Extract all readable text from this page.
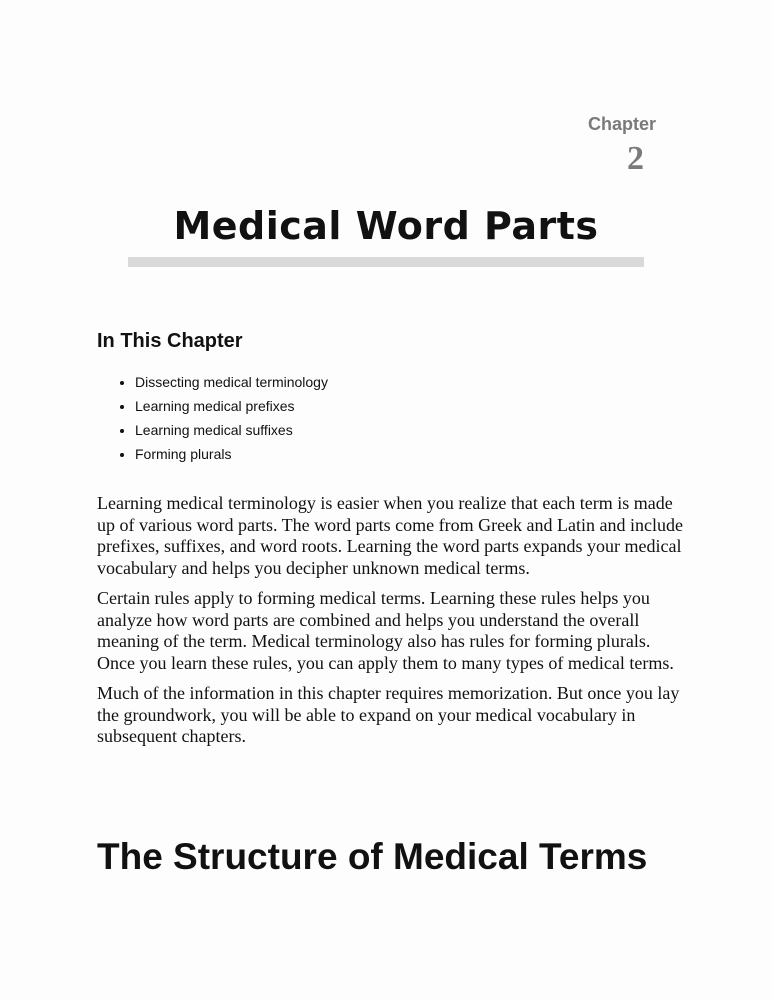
Chapter
2
Medical Word Parts
In This Chapter
• Dissecting medical terminology
• Learning medical prefixes
• Learning medical suffixes
• Forming plurals

Learning medical terminology is easier when you realize that each term is made up of various word parts. The word parts come from Greek and Latin and include prefixes, suffixes, and word roots. Learning the word parts expands your medical vocabulary and helps you decipher unknown medical terms.

Certain rules apply to forming medical terms. Learning these rules helps you analyze how word parts are combined and helps you understand the overall meaning of the term. Medical terminology also has rules for forming plurals. Once you learn these rules, you can apply them to many types of medical terms.

Much of the information in this chapter requires memorization. But once you lay the groundwork, you will be able to expand on your medical vocabulary in subsequent chapters.

The Structure of Medical Terms
